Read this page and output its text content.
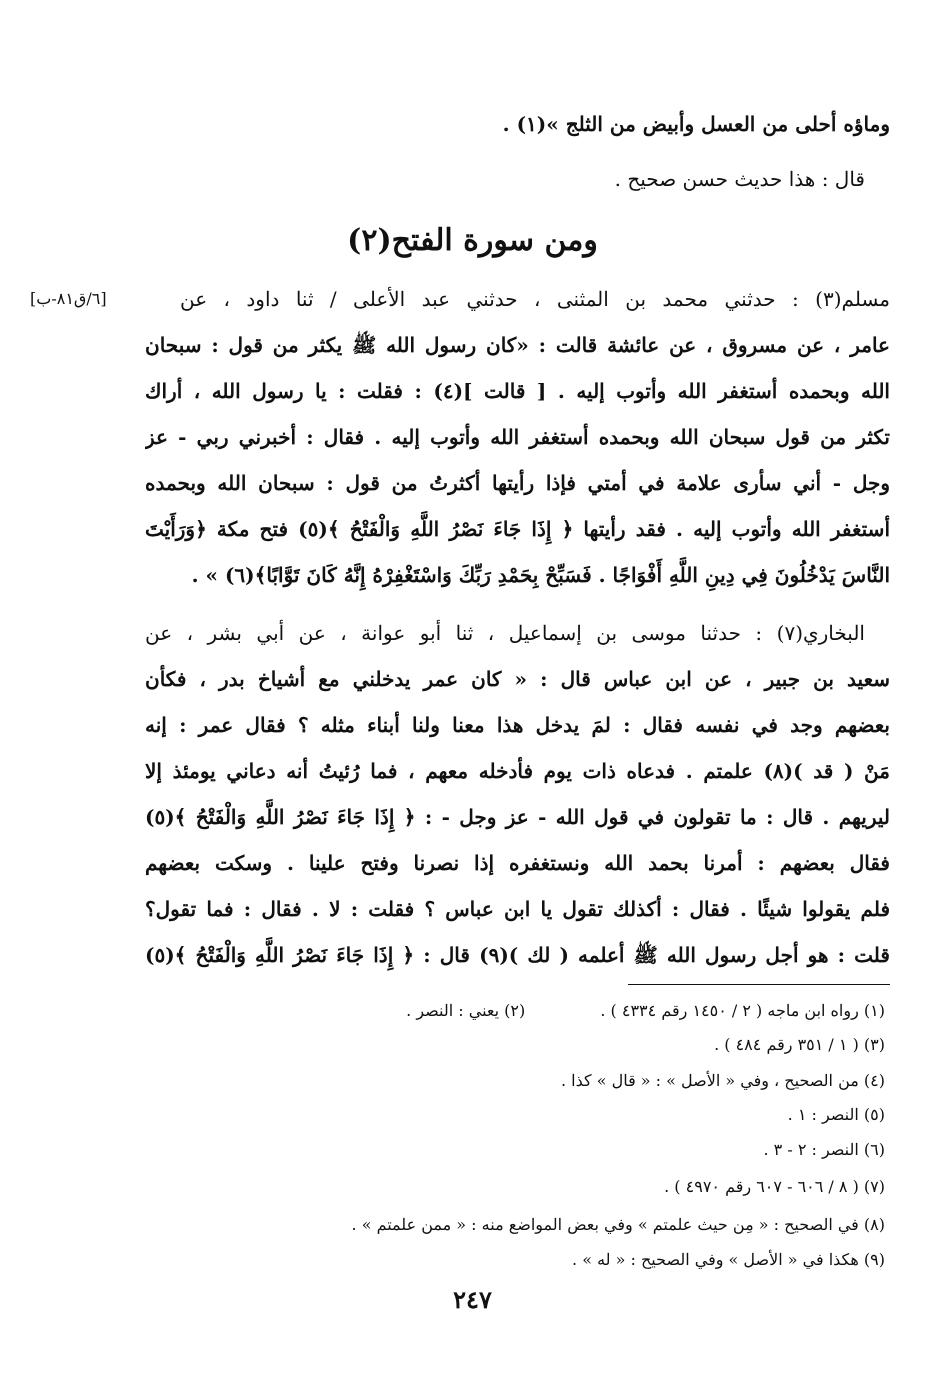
وماؤه أحلى من العسل وأبيض من الثلج »(١) .
قال : هذا حديث حسن صحيح .
ومن سورة الفتح(٢)
[٦/ق٨١-ب]	مسلم(٣) : حدثني محمد بن المثنى ، حدثني عبد الأعلى / ثنا داود ، عن
عامر ، عن مسروق ، عن عائشة قالت : «كان رسول الله ﷺ يكثر من قول : سبحان
الله وبحمده أستغفر الله وأتوب إليه . [ قالت ](٤) : فقلت : يا رسول الله ، أراك
تكثر من قول سبحان الله وبحمده أستغفر الله وأتوب إليه . فقال : أخبرني ربي - عز
وجل - أني سأرى علامة في أمتي فإذا رأيتها أكثرتُ من قول : سبحان الله وبحمده
أستغفر الله وأتوب إليه . فقد رأيتها ﴿ إِذَا جَاءَ نَصْرُ اللَّهِ وَالْفَتْحُ ﴾(٥) فتح مكة ﴿وَرَأَيْتَ
النَّاسَ يَدْخُلُونَ فِي دِينِ اللَّهِ أَفْوَاجًا . فَسَبِّحْ بِحَمْدِ رَبِّكَ وَاسْتَغْفِرْهُ إِنَّهُ كَانَ تَوَّابًا﴾(٦) » .
البخاري(٧) : حدثنا موسى بن إسماعيل ، ثنا أبو عوانة ، عن أبي بشر ، عن
سعيد بن جبير ، عن ابن عباس قال : « كان عمر يدخلني مع أشياخ بدر ، فكأن
بعضهم وجد في نفسه فقال : لمَ يدخل هذا معنا ولنا أبناء مثله ؟ فقال عمر : إنه
مَنْ ( قد )(٨) علمتم . فدعاه ذات يوم فأدخله معهم ، فما رُئيتُ أنه دعاني يومئذ إلا
ليريهم . قال : ما تقولون في قول الله - عز وجل - : ﴿ إِذَا جَاءَ نَصْرُ اللَّهِ وَالْفَتْحُ ﴾(٥)
فقال بعضهم : أمرنا بحمد الله ونستغفره إذا نصرنا وفتح علينا . وسكت بعضهم
فلم يقولوا شيئًا . فقال : أكذلك تقول يا ابن عباس ؟ فقلت : لا . فقال : فما تقول؟
قلت : هو أجل رسول الله ﷺ أعلمه ( لك )(٩) قال : ﴿ إِذَا جَاءَ نَصْرُ اللَّهِ وَالْفَتْحُ ﴾(٥)
(١) رواه ابن ماجه ( ٢ / ١٤٥٠ رقم ٤٣٣٤ ) . (٢) يعني : النصر .
(٣) ( ١ / ٣٥١ رقم ٤٨٤ ) .
(٤) من الصحيح ، وفي « الأصل » : « قال » كذا .
(٥) النصر : ١ .
(٦) النصر : ٢ - ٣ .
(٧) ( ٨ / ٦٠٦ - ٦٠٧ رقم ٤٩٧٠ ) .
(٨) في الصحيح : « مِن حيث علمتم » وفي بعض المواضع منه : « ممن علمتم » .
(٩) هكذا في « الأصل » وفي الصحيح : « له » .
٢٤٧
